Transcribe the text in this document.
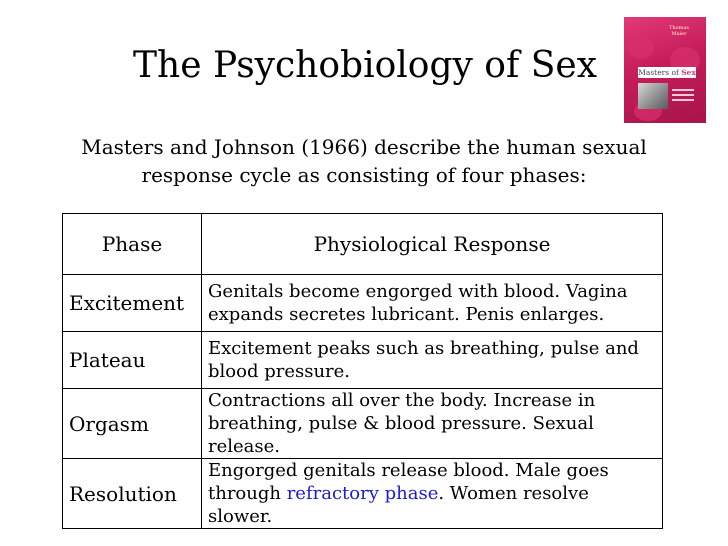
The Psychobiology of Sex
Thomas Maier
Masters of Sex
Masters and Johnson (1966) describe the human sexual response cycle as consisting of four phases:
Phase	Physiological Response
Excitement	Genitals become engorged with blood. Vagina expands secretes lubricant. Penis enlarges.
Plateau	Excitement peaks such as breathing, pulse and blood pressure.
Orgasm	Contractions all over the body. Increase in breathing, pulse & blood pressure. Sexual release.
Resolution	Engorged genitals release blood. Male goes through refractory phase. Women resolve slower.
